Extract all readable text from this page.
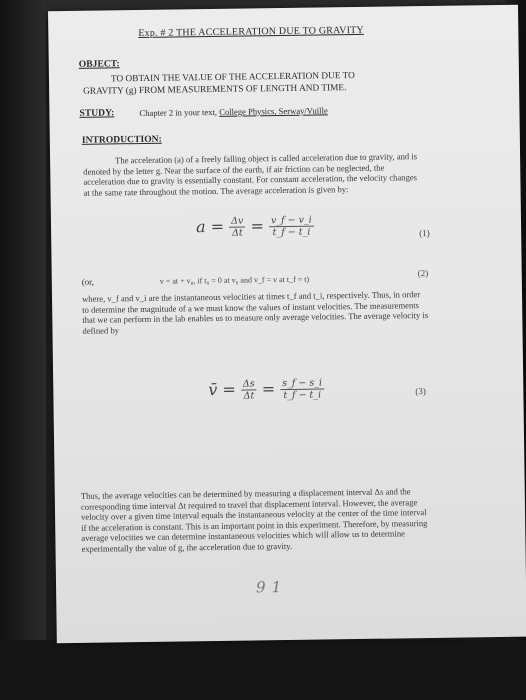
Exp. # 2 THE ACCELERATION DUE TO GRAVITY
OBJECT:
TO OBTAIN THE VALUE OF THE ACCELERATION DUE TO
GRAVITY (g) FROM MEASUREMENTS OF LENGTH AND TIME.
STUDY:	Chapter 2 in your text, College Physics, Serway/Vuille
INTRODUCTION:
The acceleration (a) of a freely falling object is called acceleration due to gravity, and is denoted by the letter g. Near the surface of the earth, if air friction can be neglected, the acceleration due to gravity is essentially constant. For constant acceleration, the velocity changes at the same rate throughout the motion. The average acceleration is given by:
$a = \frac{\Delta v}{\Delta t} = \frac{v\_f - v\_i}{t\_f - t\_i}$	(1)
(or,	v = at + v₀, if t₀ = 0 at v₀ and v_f = v at t_f = t)
(2)
where, v_f and v_i are the instantaneous velocities at times t_f and t_i, respectively. Thus, in order to determine the magnitude of a we must know the values of instant velocities. The measurements that we can perform in the lab enables us to measure only average velocities. The average velocity is defined by
v̄ = $\frac{\Delta s}{\Delta t} = \frac{s\_f - s\_i}{t\_f - t\_i}$	(3)
Thus, the average velocities can be determined by measuring a displacement interval Δs and the corresponding time interval Δt required to travel that displacement interval. However, the average velocity over a given time interval equals the instantaneous velocity at the center of the time interval if the acceleration is constant. This is an important point in this experiment. Therefore, by measuring average velocities we can determine instantaneous velocities which will allow us to determine experimentally the value of g, the acceleration due to gravity.
91
